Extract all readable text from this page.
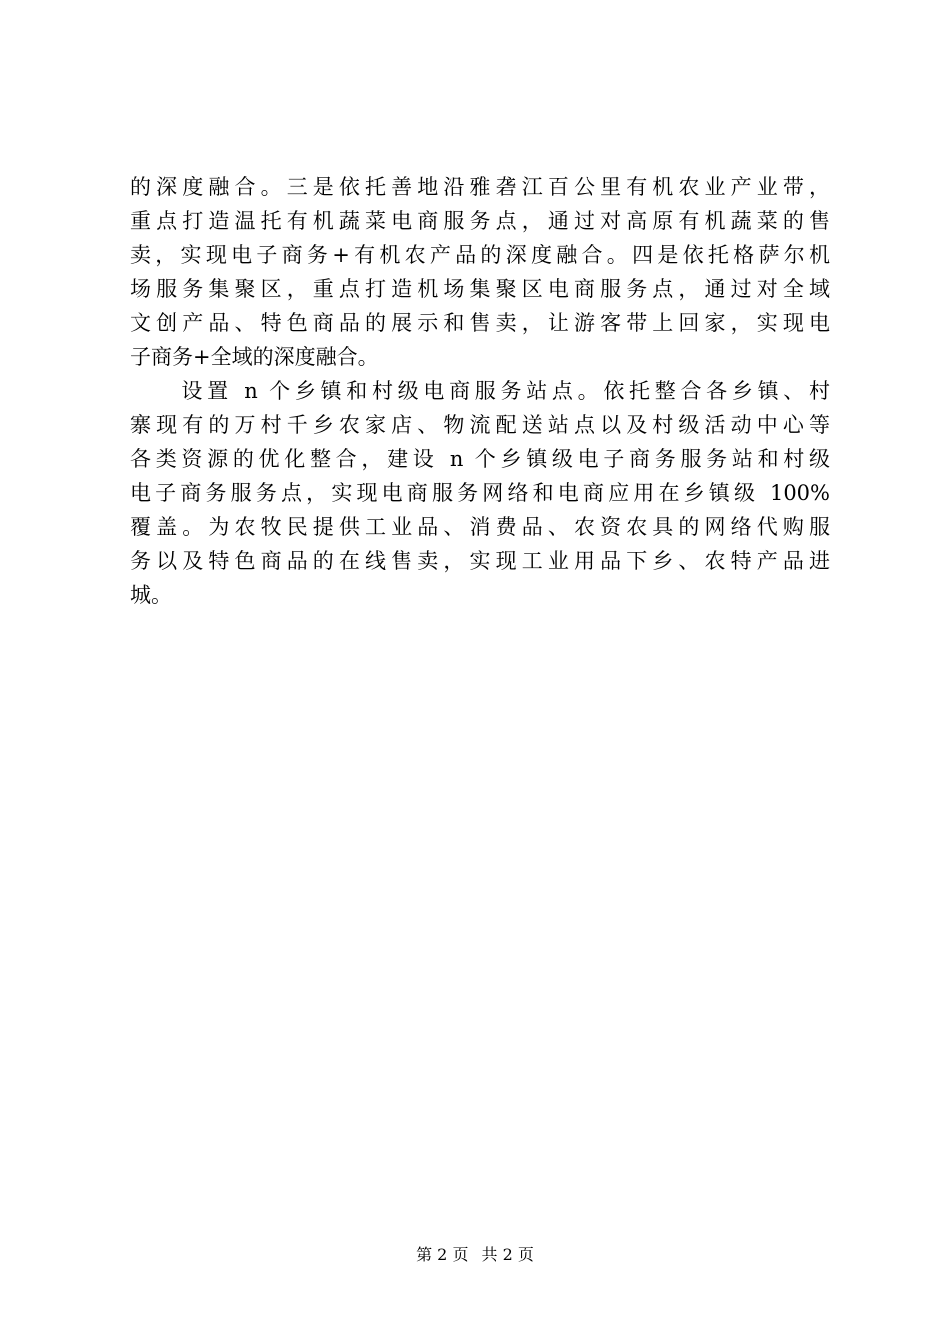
的深度融合。三是依托善地沿雅砻江百公里有机农业产业带，
重点打造温托有机蔬菜电商服务点，通过对高原有机蔬菜的售
卖，实现电子商务+有机农产品的深度融合。四是依托格萨尔机
场服务集聚区，重点打造机场集聚区电商服务点，通过对全域
文创产品、特色商品的展示和售卖，让游客带上回家，实现电
子商务+全域的深度融合。
　　设置 n 个乡镇和村级电商服务站点。依托整合各乡镇、村
寨现有的万村千乡农家店、物流配送站点以及村级活动中心等
各类资源的优化整合，建设 n 个乡镇级电子商务服务站和村级
电子商务服务点，实现电商服务网络和电商应用在乡镇级 100%
覆盖。为农牧民提供工业品、消费品、农资农具的网络代购服
务以及特色商品的在线售卖，实现工业用品下乡、农特产品进
城。
第 2 页 共 2 页
